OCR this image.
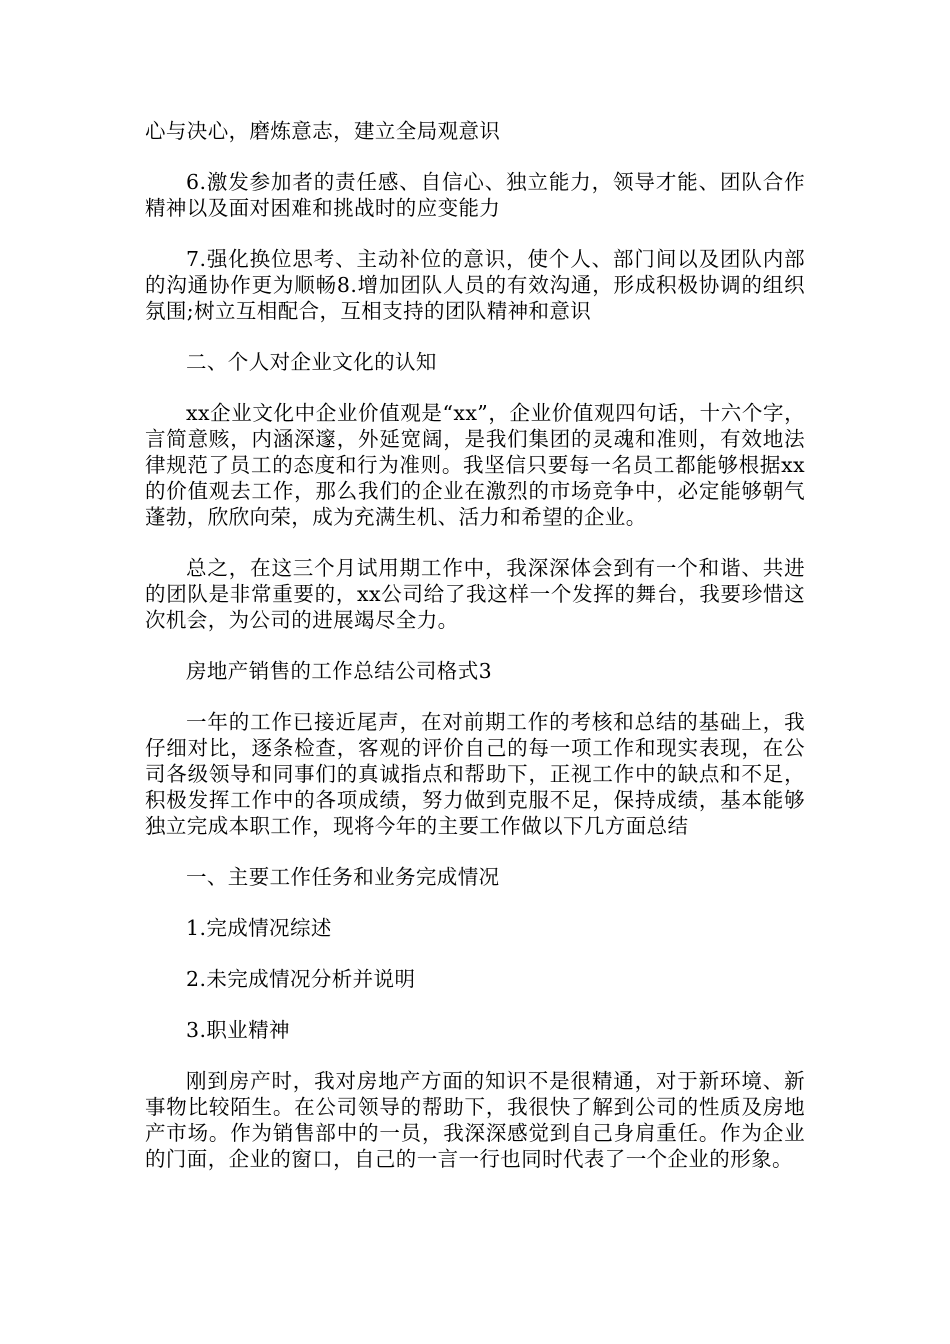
心与决心，磨炼意志，建立全局观意识

6.激发参加者的责任感、自信心、独立能力，领导才能、团队合作精神以及面对困难和挑战时的应变能力

7.强化换位思考、主动补位的意识，使个人、部门间以及团队内部的沟通协作更为顺畅8.增加团队人员的有效沟通，形成积极协调的组织氛围;树立互相配合，互相支持的团队精神和意识

二、个人对企业文化的认知

xx企业文化中企业价值观是“xx”，企业价值观四句话，十六个字，言简意赅，内涵深邃，外延宽阔，是我们集团的灵魂和准则，有效地法律规范了员工的态度和行为准则。我坚信只要每一名员工都能够根据xx的价值观去工作，那么我们的企业在激烈的市场竞争中，必定能够朝气蓬勃，欣欣向荣，成为充满生机、活力和希望的企业。

总之，在这三个月试用期工作中，我深深体会到有一个和谐、共进的团队是非常重要的，xx公司给了我这样一个发挥的舞台，我要珍惜这次机会，为公司的进展竭尽全力。

房地产销售的工作总结公司格式3

一年的工作已接近尾声，在对前期工作的考核和总结的基础上，我仔细对比，逐条检查，客观的评价自己的每一项工作和现实表现，在公司各级领导和同事们的真诚指点和帮助下，正视工作中的缺点和不足，积极发挥工作中的各项成绩，努力做到克服不足，保持成绩，基本能够独立完成本职工作，现将今年的主要工作做以下几方面总结

一、主要工作任务和业务完成情况

1.完成情况综述

2.未完成情况分析并说明

3.职业精神

刚到房产时，我对房地产方面的知识不是很精通，对于新环境、新事物比较陌生。在公司领导的帮助下，我很快了解到公司的性质及房地产市场。作为销售部中的一员，我深深感觉到自己身肩重任。作为企业的门面，企业的窗口，自己的一言一行也同时代表了一个企业的形象。
